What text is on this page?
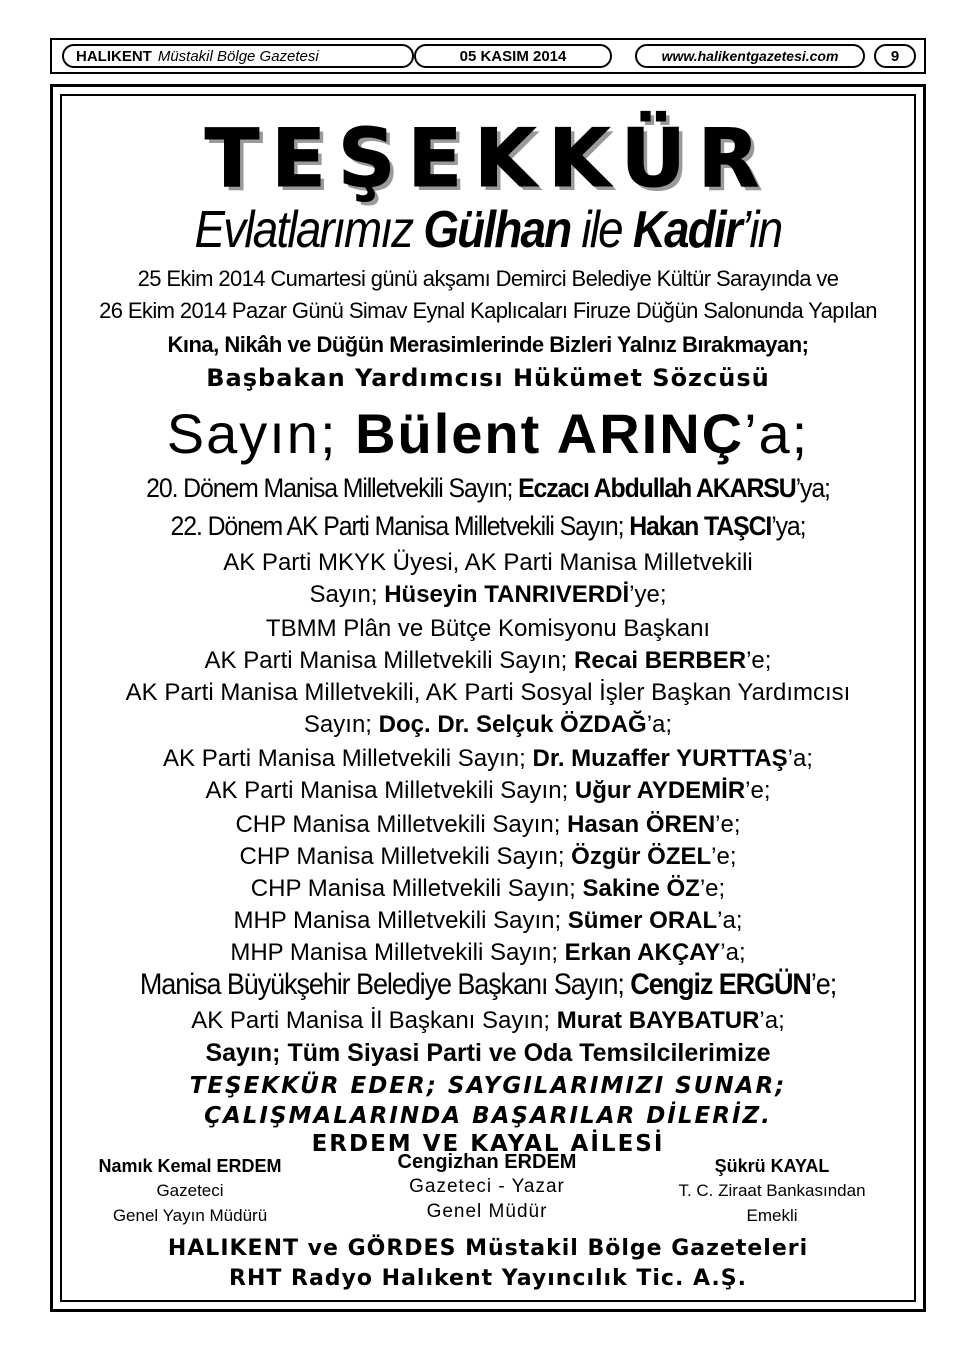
HALIKENT Müstakil Bölge Gazetesi	05 KASIM 2014	www.halikentgazetesi.com	9
TEŞEKKÜR
Evlatlarımız Gülhan ile Kadir’in
25 Ekim 2014 Cumartesi günü akşamı Demirci Belediye Kültür Sarayında ve
26 Ekim 2014 Pazar Günü Simav Eynal Kaplıcaları Firuze Düğün Salonunda Yapılan
Kına, Nikâh ve Düğün Merasimlerinde Bizleri Yalnız Bırakmayan;
Başbakan Yardımcısı Hükümet Sözcüsü
Sayın; Bülent ARINÇ’a;
20. Dönem Manisa Milletvekili Sayın; Eczacı Abdullah AKARSU’ya;
22. Dönem AK Parti Manisa Milletvekili Sayın; Hakan TAŞCI’ya;
AK Parti MKYK Üyesi, AK Parti Manisa Milletvekili
Sayın; Hüseyin TANRIVERDİ’ye;
TBMM Plân ve Bütçe Komisyonu Başkanı
AK Parti Manisa Milletvekili Sayın; Recai BERBER’e;
AK Parti Manisa Milletvekili, AK Parti Sosyal İşler Başkan Yardımcısı
Sayın; Doç. Dr. Selçuk ÖZDAĞ’a;
AK Parti Manisa Milletvekili Sayın; Dr. Muzaffer YURTTAŞ’a;
AK Parti Manisa Milletvekili Sayın; Uğur AYDEMİR’e;
CHP Manisa Milletvekili Sayın; Hasan ÖREN’e;
CHP Manisa Milletvekili Sayın; Özgür ÖZEL’e;
CHP Manisa Milletvekili Sayın; Sakine ÖZ’e;
MHP Manisa Milletvekili Sayın; Sümer ORAL’a;
MHP Manisa Milletvekili Sayın; Erkan AKÇAY’a;
Manisa Büyükşehir Belediye Başkanı Sayın; Cengiz ERGÜN’e;
AK Parti Manisa İl Başkanı Sayın; Murat BAYBATUR’a;
Sayın; Tüm Siyasi Parti ve Oda Temsilcilerimize
TEŞEKKÜR EDER; SAYGILARIMIZI SUNAR;
ÇALIŞMALARINDA BAŞARILAR DİLERİZ.
ERDEM VE KAYAL AİLESİ
Namık Kemal ERDEM
Gazeteci
Genel Yayın Müdürü
Cengizhan ERDEM
Gazeteci - Yazar
Genel Müdür
Şükrü KAYAL
T. C. Ziraat Bankasından
Emekli
HALIKENT ve GÖRDES Müstakil Bölge Gazeteleri
RHT Radyo Halıkent Yayıncılık Tic. A.Ş.
